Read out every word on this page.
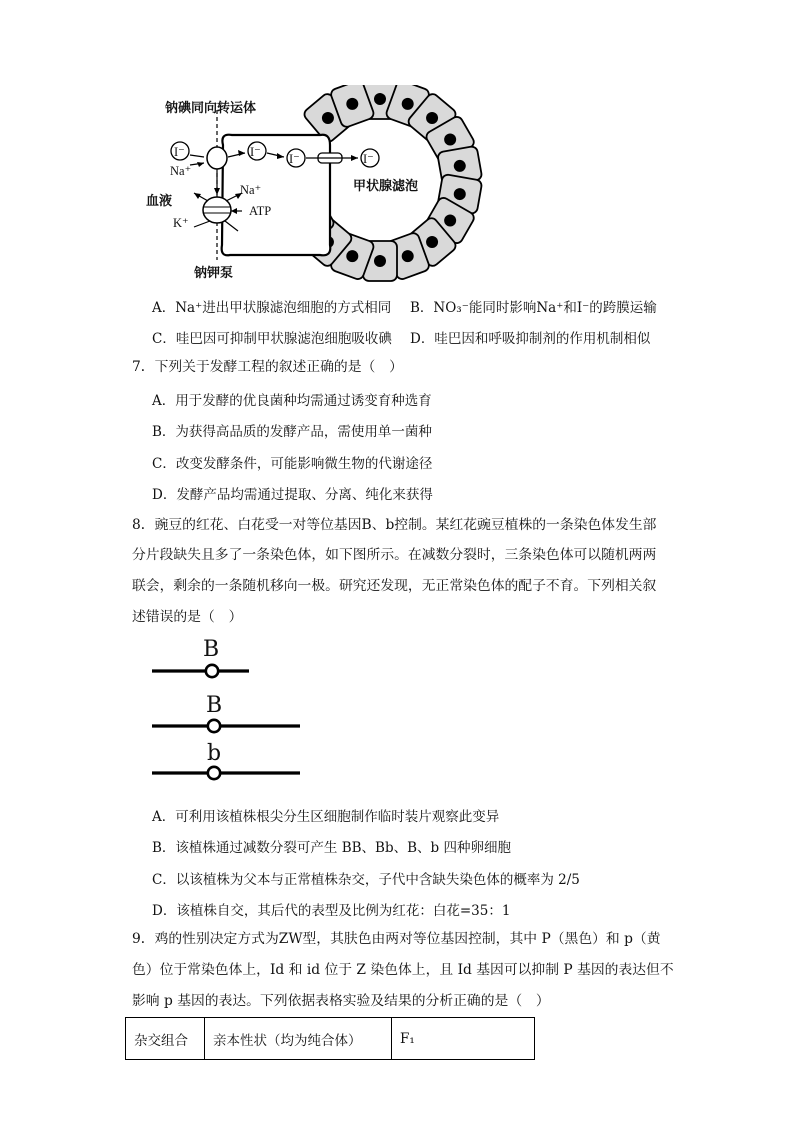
钠碘同向转运体
I⁻	I⁻ I⁻	I⁻
Na⁺
血液
Na⁺
ATP
K⁺
钠钾泵
甲状腺滤泡
A．Na⁺进出甲状腺滤泡细胞的方式相同 B．NO₃⁻能同时影响Na⁺和I⁻的跨膜运输
C．哇巴因可抑制甲状腺滤泡细胞吸收碘 D．哇巴因和呼吸抑制剂的作用机制相似
7．下列关于发酵工程的叙述正确的是（　）
A．用于发酵的优良菌种均需通过诱变育种选育
B．为获得高品质的发酵产品，需使用单一菌种
C．改变发酵条件，可能影响微生物的代谢途径
D．发酵产品均需通过提取、分离、纯化来获得
8．豌豆的红花、白花受一对等位基因B、b控制。某红花豌豆植株的一条染色体发生部
分片段缺失且多了一条染色体，如下图所示。在减数分裂时，三条染色体可以随机两两
联会，剩余的一条随机移向一极。研究还发现，无正常染色体的配子不育。下列相关叙
述错误的是（　）
B
B
b
A．可利用该植株根尖分生区细胞制作临时装片观察此变异
B．该植株通过减数分裂可产生 BB、Bb、B、b 四种卵细胞
C．以该植株为父本与正常植株杂交，子代中含缺失染色体的概率为 2/5
D．该植株自交，其后代的表型及比例为红花：白花=35：1
9．鸡的性别决定方式为ZW型，其肤色由两对等位基因控制，其中 P（黑色）和 p（黄
色）位于常染色体上，Id 和 id 位于 Z 染色体上，且 Id 基因可以抑制 P 基因的表达但不
影响 p 基因的表达。下列依据表格实验及结果的分析正确的是（　）
杂交组合	亲本性状（均为纯合体）	F₁
